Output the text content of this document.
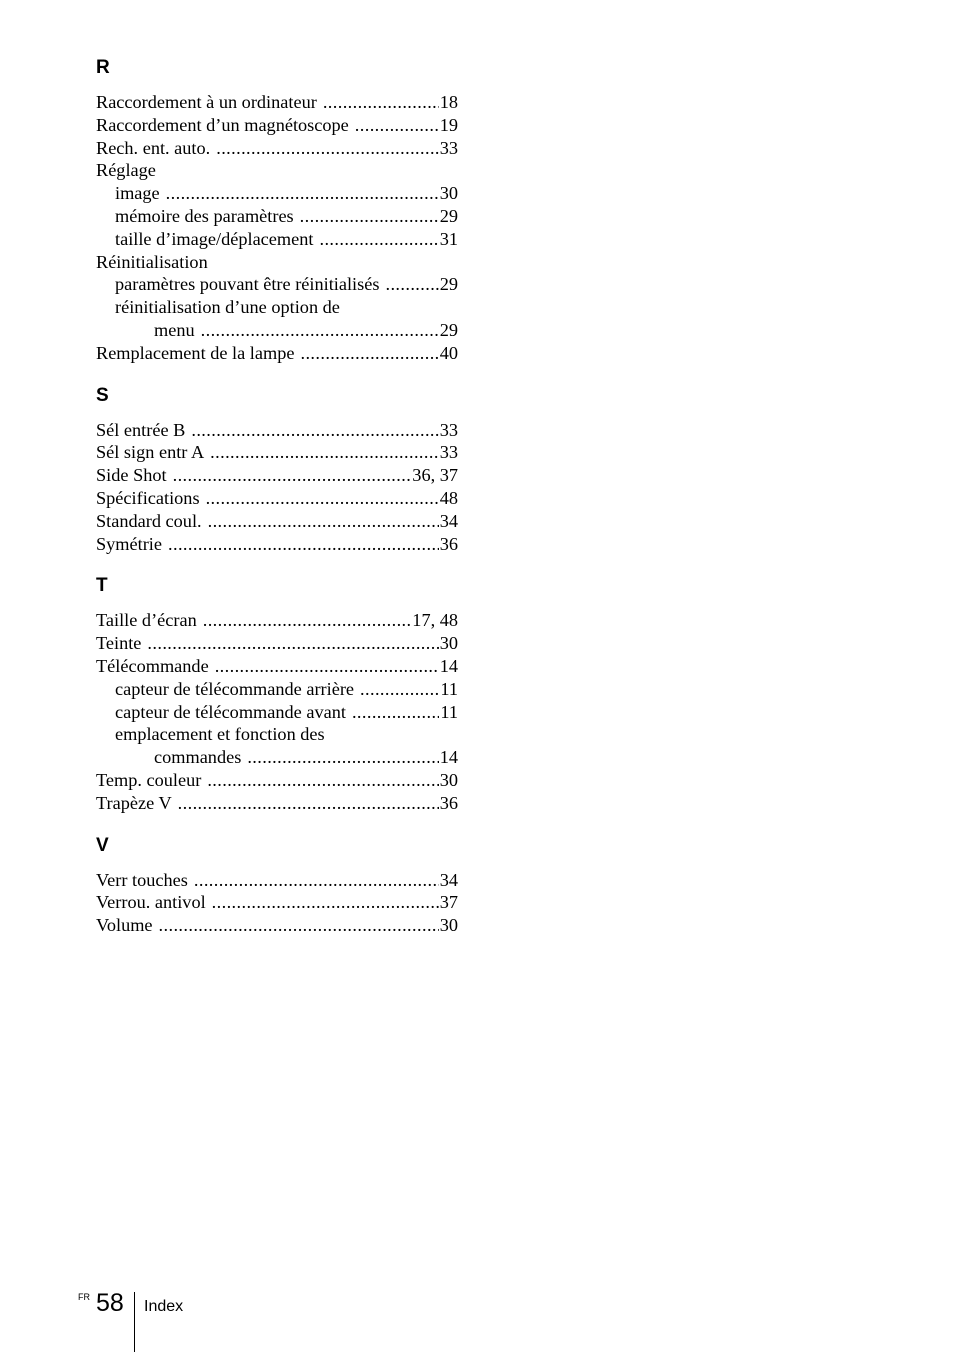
R
Raccordement à un ordinateur .....	18
Raccordement d’un magnétoscope .....	19
Rech. ent. auto. .....	33
Réglage
image .....	30
mémoire des paramètres .....	29
taille d’image/déplacement .....	31
Réinitialisation
paramètres pouvant être réinitialisés .....	29
réinitialisation d’une option de
menu .....	29
Remplacement de la lampe .....	40
S
Sél entrée B .....	33
Sél sign entr A .....	33
Side Shot .....	36, 37
Spécifications .....	48
Standard coul. .....	34
Symétrie .....	36
T
Taille d’écran .....	17, 48
Teinte .....	30
Télécommande .....	14
capteur de télécommande arrière .....	11
capteur de télécommande avant .....	11
emplacement et fonction des
commandes .....	14
Temp. couleur .....	30
Trapèze V .....	36
V
Verr touches .....	34
Verrou. antivol .....	37
Volume .....	30
FR 58 Index
